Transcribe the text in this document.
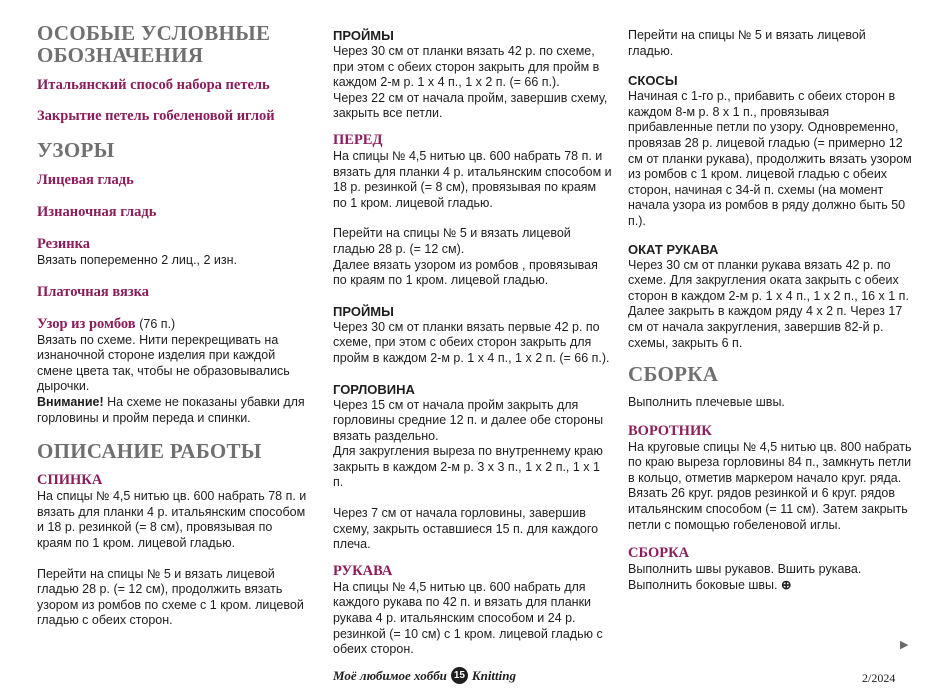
ОСОБЫЕ УСЛОВНЫЕ ОБОЗНАЧЕНИЯ

Итальянский способ набора петель

Закрытие петель гобеленовой иглой

УЗОРЫ

Лицевая гладь

Изнаночная гладь

Резинка

Вязать попеременно 2 лиц., 2 изн.

Платочная вязка

Узор из ромбов (76 п.)

Вязать по схеме. Нити перекрещивать на изнаночной стороне изделия при каждой смене цвета так, чтобы не образовывались дырочки.

Внимание! На схеме не показаны убавки для горловины и пройм переда и спинки.

ОПИСАНИЕ РАБОТЫ

СПИНКА

На спицы № 4,5 нитью цв. 600 набрать 78 п. и вязать для планки 4 р. итальянским способом и 18 р. резинкой (= 8 см), провязывая по краям по 1 кром. лицевой гладью.

Перейти на спицы № 5 и вязать лицевой гладью 28 р. (= 12 см), продолжить вязать узором из ромбов по схеме с 1 кром. лицевой гладью с обеих сторон.

ПРОЙМЫ

Через 30 см от планки вязать 42 р. по схеме, при этом с обеих сторон закрыть для пройм в каждом 2-м р. 1 х 4 п., 1 х 2 п. (= 66 п.).

Через 22 см от начала пройм, завершив схему, закрыть все петли.

ПЕРЕД

На спицы № 4,5 нитью цв. 600 набрать 78 п. и вязать для планки 4 р. итальянским способом и 18 р. резинкой (= 8 см), провязывая по краям по 1 кром. лицевой гладью.

Перейти на спицы № 5 и вязать лицевой гладью 28 р. (= 12 см).

Далее вязать узором из ромбов , провязывая по краям по 1 кром. лицевой гладью.

ПРОЙМЫ

Через 30 см от планки вязать первые 42 р. по схеме, при этом с обеих сторон закрыть для пройм в каждом 2-м р. 1 х 4 п., 1 х 2 п. (= 66 п.).

ГОРЛОВИНА

Через 15 см от начала пройм закрыть для горловины средние 12 п. и далее обе стороны вязать раздельно.

Для закругления выреза по внутреннему краю закрыть в каждом 2-м р. 3 х 3 п., 1 х 2 п., 1 х 1 п.

Через 7 см от начала горловины, завершив схему, закрыть оставшиеся 15 п. для каждого плеча.

РУКАВА

На спицы № 4,5 нитью цв. 600 набрать для каждого рукава по 42 п. и вязать для планки рукава 4 р. итальянским способом и 24 р. резинкой (= 10 см) с 1 кром. лицевой гладью с обеих сторон.

Перейти на спицы № 5 и вязать лицевой гладью.

СКОСЫ

Начиная с 1-го р., прибавить с обеих сторон в каждом 8-м р. 8 х 1 п., провязывая прибавленные петли по узору. Одновременно, провязав 28 р. лицевой гладью (= примерно 12 см от планки рукава), продолжить вязать узором из ромбов с 1 кром. лицевой гладью с обеих сторон, начиная с 34-й п. схемы (на момент начала узора из ромбов в ряду должно быть 50 п.).

ОКАТ РУКАВА

Через 30 см от планки рукава вязать 42 р. по схеме. Для закругления оката закрыть с обеих сторон в каждом 2-м р. 1 х 4 п., 1 х 2 п., 16 х 1 п. Далее закрыть в каждом ряду 4 х 2 п. Через 17 см от начала закругления, завершив 82-й р. схемы, закрыть 6 п.

СБОРКА

Выполнить плечевые швы.

ВОРОТНИК

На круговые спицы № 4,5 нитью цв. 800 набрать по краю выреза горловины 84 п., замкнуть петли в кольцо, отметив маркером начало круг. ряда. Вязать 26 круг. рядов резинкой и 6 круг. рядов итальянским способом (= 11 см). Затем закрыть петли с помощью гобеленовой иглы.

СБОРКА

Выполнить швы рукавов. Вшить рукава.

Выполнить боковые швы. ⊕

▶
Моё любимое хобби 15 Knitting	2/2024
